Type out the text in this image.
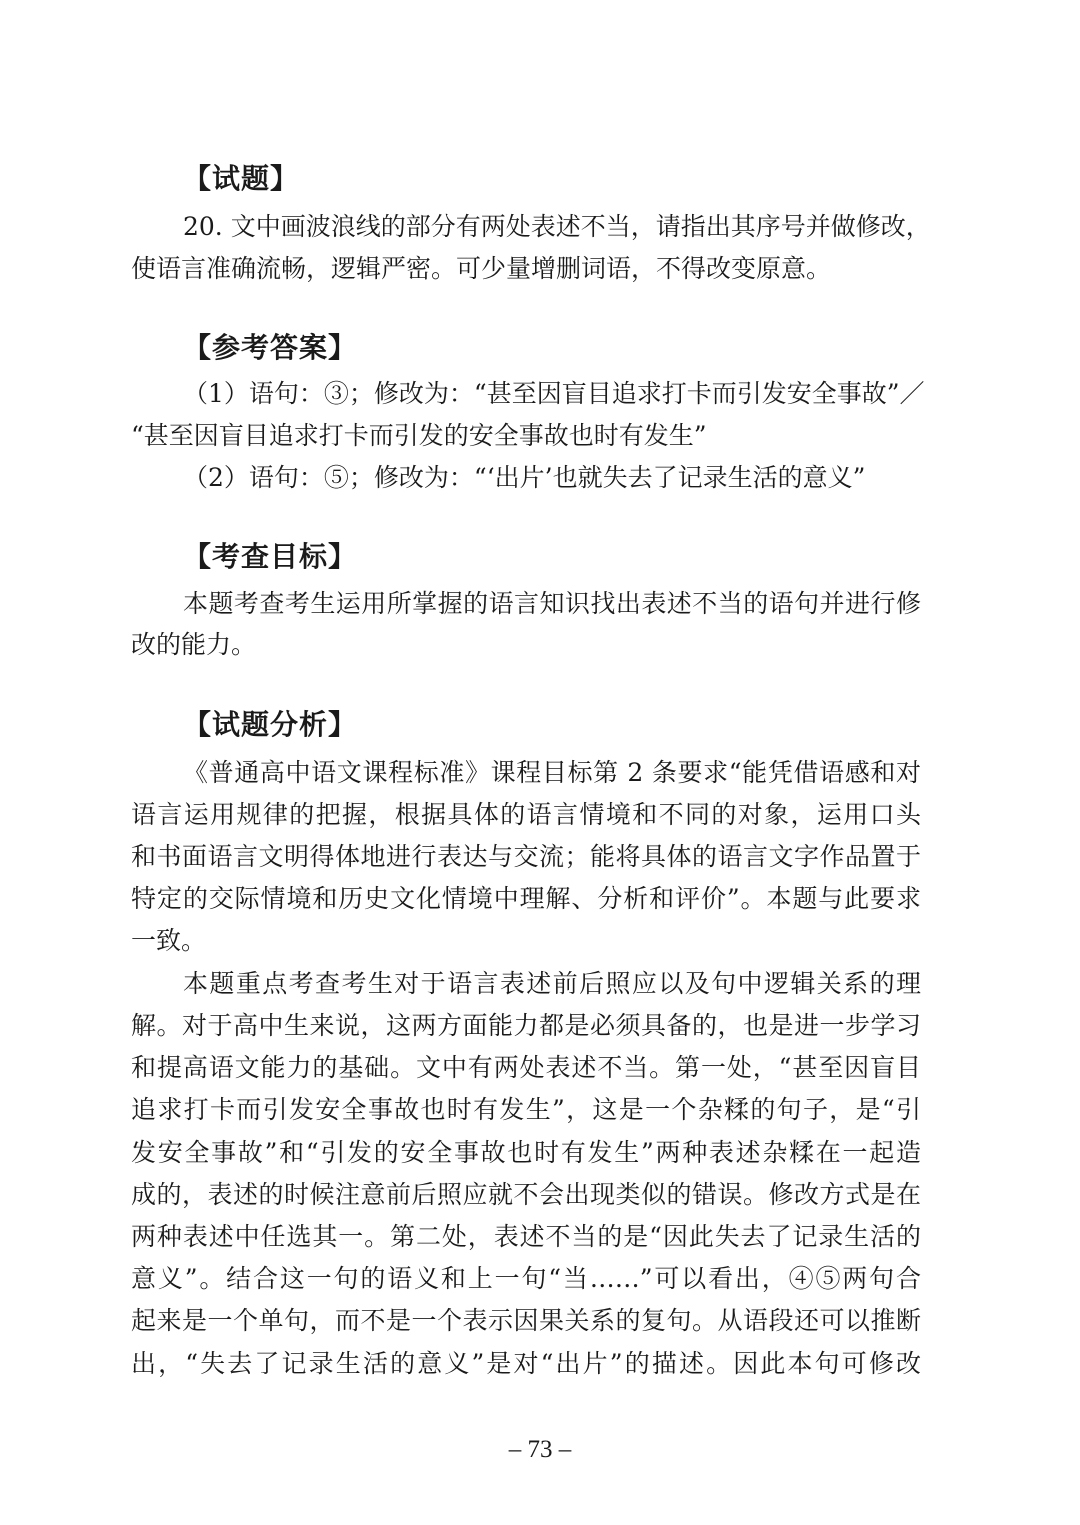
【试题】
20. 文中画波浪线的部分有两处表述不当，请指出其序号并做修改，
使语言准确流畅，逻辑严密。可少量增删词语，不得改变原意。
【参考答案】
（1）语句：③；修改为：“甚至因盲目追求打卡而引发安全事故”／
“甚至因盲目追求打卡而引发的安全事故也时有发生”
（2）语句：⑤；修改为：“‘出片’也就失去了记录生活的意义”
【考查目标】
本题考查考生运用所掌握的语言知识找出表述不当的语句并进行修
改的能力。
【试题分析】
《普通高中语文课程标准》课程目标第 2 条要求“能凭借语感和对
语言运用规律的把握，根据具体的语言情境和不同的对象，运用口头
和书面语言文明得体地进行表达与交流；能将具体的语言文字作品置于
特定的交际情境和历史文化情境中理解、分析和评价”。本题与此要求
一致。
本题重点考查考生对于语言表述前后照应以及句中逻辑关系的理
解。对于高中生来说，这两方面能力都是必须具备的，也是进一步学习
和提高语文能力的基础。文中有两处表述不当。第一处，“甚至因盲目
追求打卡而引发安全事故也时有发生”，这是一个杂糅的句子，是“引
发安全事故”和“引发的安全事故也时有发生”两种表述杂糅在一起造
成的，表述的时候注意前后照应就不会出现类似的错误。修改方式是在
两种表述中任选其一。第二处，表述不当的是“因此失去了记录生活的
意义”。结合这一句的语义和上一句“当……”可以看出，④⑤两句合
起来是一个单句，而不是一个表示因果关系的复句。从语段还可以推断
出，“失去了记录生活的意义”是对“出片”的描述。因此本句可修改
– 73 –
